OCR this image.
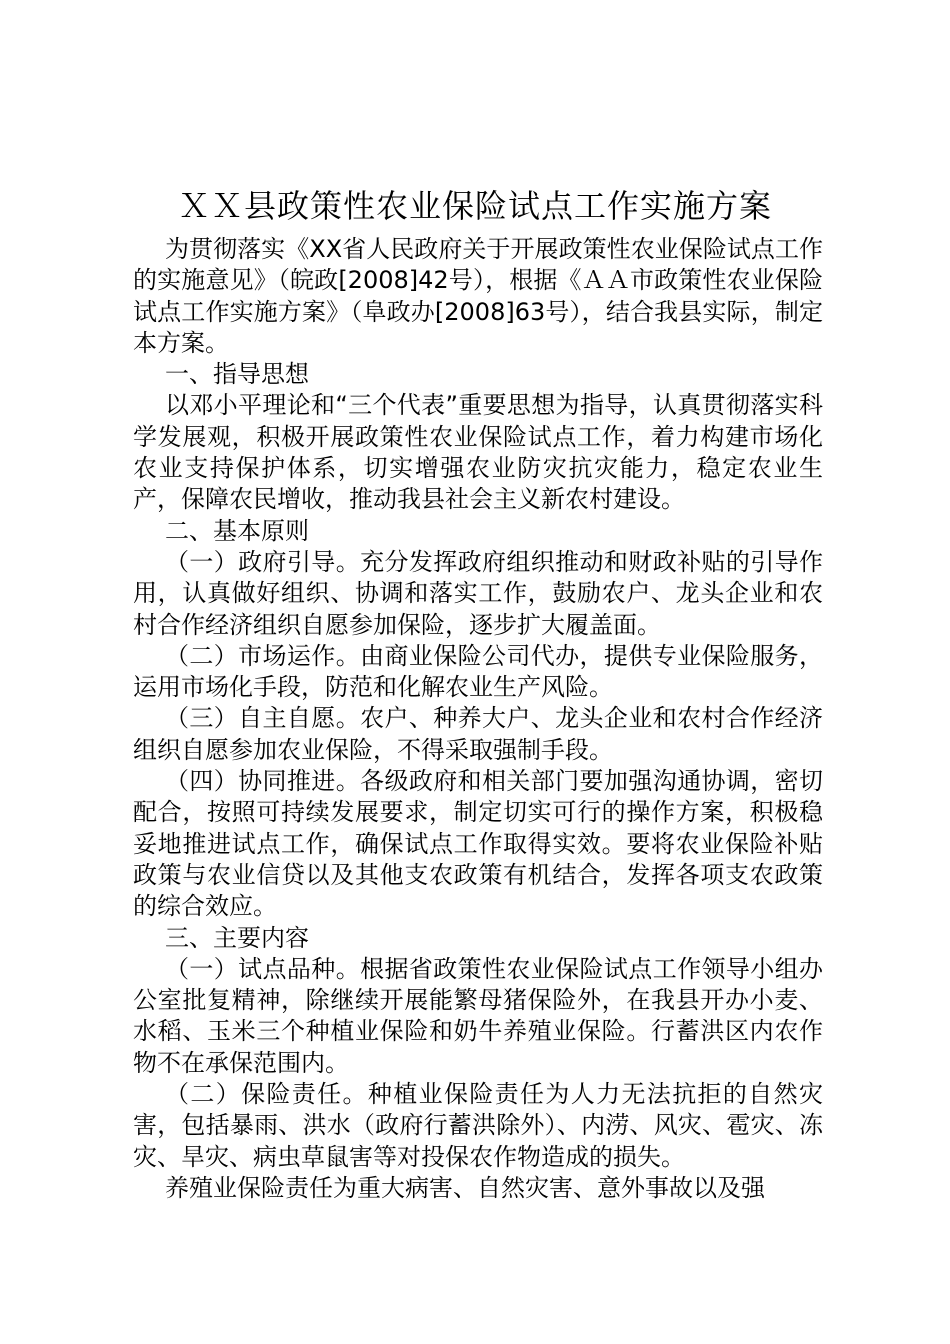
ＸＸ县政策性农业保险试点工作实施方案

为贯彻落实《XX省人民政府关于开展政策性农业保险试点工作的实施意见》（皖政[2008]42号），根据《ＡＡ市政策性农业保险试点工作实施方案》（阜政办[2008]63号），结合我县实际，制定本方案。

一、指导思想

以邓小平理论和“三个代表”重要思想为指导，认真贯彻落实科学发展观，积极开展政策性农业保险试点工作，着力构建市场化农业支持保护体系，切实增强农业防灾抗灾能力，稳定农业生产，保障农民增收，推动我县社会主义新农村建设。

二、基本原则

（一）政府引导。充分发挥政府组织推动和财政补贴的引导作用，认真做好组织、协调和落实工作，鼓励农户、龙头企业和农村合作经济组织自愿参加保险，逐步扩大履盖面。

（二）市场运作。由商业保险公司代办，提供专业保险服务，运用市场化手段，防范和化解农业生产风险。

（三）自主自愿。农户、种养大户、龙头企业和农村合作经济组织自愿参加农业保险，不得采取强制手段。

（四）协同推进。各级政府和相关部门要加强沟通协调，密切配合，按照可持续发展要求，制定切实可行的操作方案，积极稳妥地推进试点工作，确保试点工作取得实效。要将农业保险补贴政策与农业信贷以及其他支农政策有机结合，发挥各项支农政策的综合效应。

三、主要内容

（一）试点品种。根据省政策性农业保险试点工作领导小组办公室批复精神，除继续开展能繁母猪保险外，在我县开办小麦、水稻、玉米三个种植业保险和奶牛养殖业保险。行蓄洪区内农作物不在承保范围内。

（二）保险责任。种植业保险责任为人力无法抗拒的自然灾害，包括暴雨、洪水（政府行蓄洪除外）、内涝、风灾、雹灾、冻灾、旱灾、病虫草鼠害等对投保农作物造成的损失。

养殖业保险责任为重大病害、自然灾害、意外事故以及强
